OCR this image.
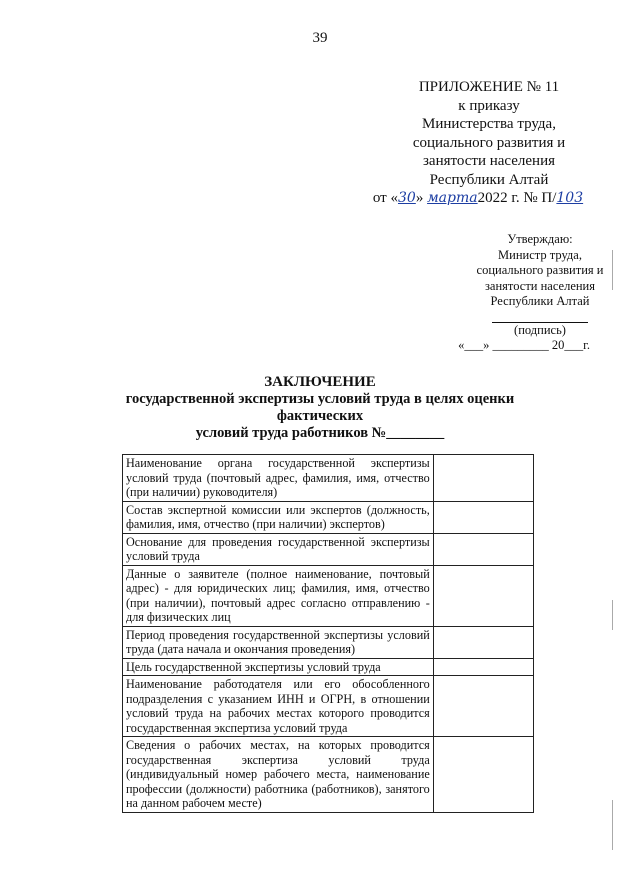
39
ПРИЛОЖЕНИЕ № 11
к приказу
Министерства труда,
социального развития и
занятости населения
Республики Алтай
от «30» марта2022 г. № П/103
Утверждаю:
Министр труда,
социального развития и
занятости населения
Республики Алтай
(подпись)
«___» _________ 20___г.
ЗАКЛЮЧЕНИЕ
государственной экспертизы условий труда в целях оценки
фактических
условий труда работников №________
Наименование органа государственной экспертизы условий труда (почтовый адрес, фамилия, имя, отчество (при наличии) руководителя)	
Состав экспертной комиссии или экспертов (должность, фамилия, имя, отчество (при наличии) экспертов)	
Основание для проведения государственной экспертизы условий труда	
Данные о заявителе (полное наименование, почтовый адрес) - для юридических лиц; фамилия, имя, отчество (при наличии), почтовый адрес согласно отправлению - для физических лиц	
Период проведения государственной экспертизы условий труда (дата начала и окончания проведения)	
Цель государственной экспертизы условий труда	
Наименование работодателя или его обособленного подразделения с указанием ИНН и ОГРН, в отношении условий труда на рабочих местах которого проводится государственная экспертиза условий труда	
Сведения о рабочих местах, на которых проводится государственная экспертиза условий труда (индивидуальный номер рабочего места, наименование профессии (должности) работника (работников), занятого на данном рабочем месте)	
